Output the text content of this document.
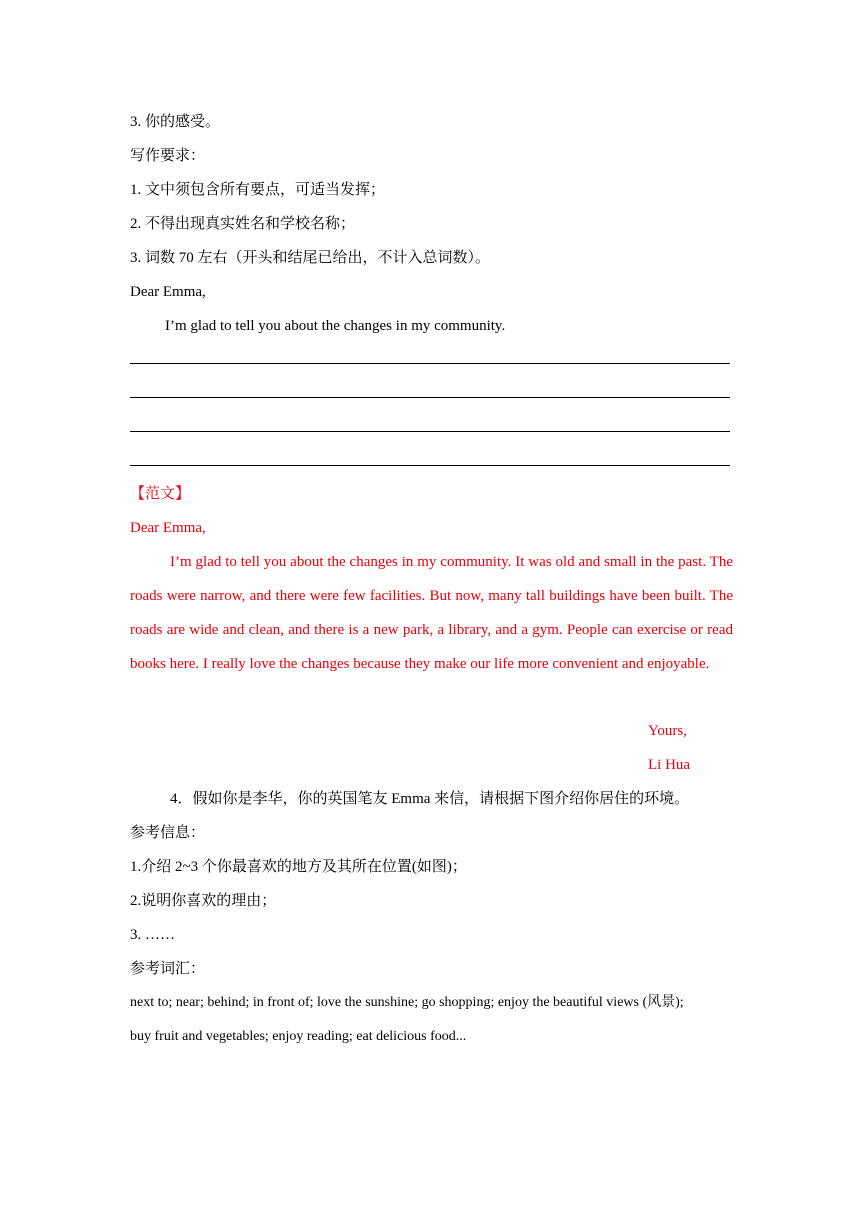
3. 你的感受。
写作要求：
1. 文中须包含所有要点，可适当发挥；
2. 不得出现真实姓名和学校名称；
3. 词数 70 左右（开头和结尾已给出，不计入总词数）。
Dear Emma,
I’m glad to tell you about the changes in my community.
【范文】
Dear Emma,
I’m glad to tell you about the changes in my community. It was old and small in the past. The roads were narrow, and there were few facilities. But now, many tall buildings have been built. The roads are wide and clean, and there is a new park, a library, and a gym. People can exercise or read books here. I really love the changes because they make our life more convenient and enjoyable.
Yours,
Li Hua
4．假如你是李华，你的英国笔友 Emma 来信，请根据下图介绍你居住的环境。
参考信息：
1.介绍 2~3 个你最喜欢的地方及其所在位置(如图)；
2.说明你喜欢的理由；
3. ……
参考词汇：
next to; near; behind; in front of; love the sunshine; go shopping; enjoy the beautiful views (风景);
buy fruit and vegetables; enjoy reading; eat delicious food...
